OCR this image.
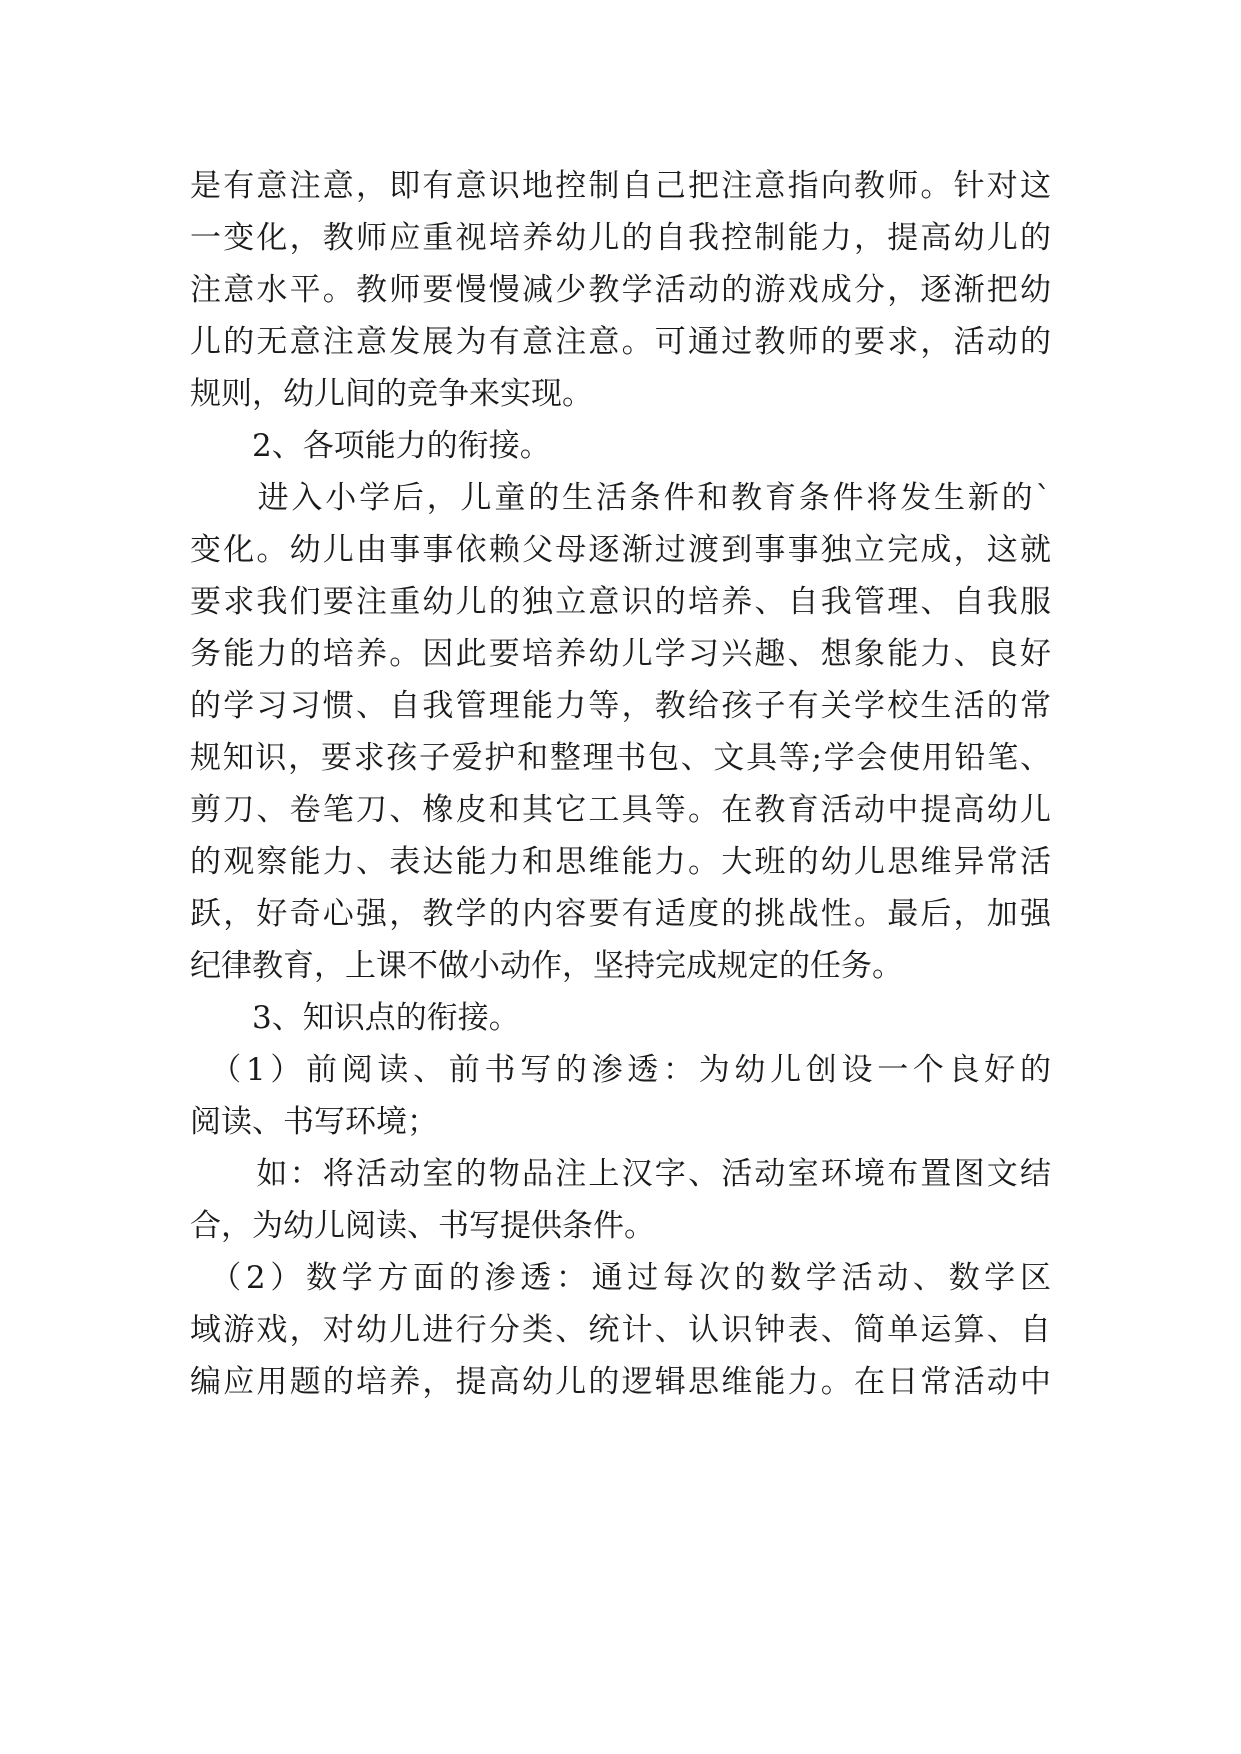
是有意注意，即有意识地控制自己把注意指向教师。针对这
一变化，教师应重视培养幼儿的自我控制能力，提高幼儿的
注意水平。教师要慢慢减少教学活动的游戏成分，逐渐把幼
儿的无意注意发展为有意注意。可通过教师的要求，活动的
规则，幼儿间的竞争来实现。
　　2、各项能力的衔接。
　　进入小学后，儿童的生活条件和教育条件将发生新的`
变化。幼儿由事事依赖父母逐渐过渡到事事独立完成，这就
要求我们要注重幼儿的独立意识的培养、自我管理、自我服
务能力的培养。因此要培养幼儿学习兴趣、想象能力、良好
的学习习惯、自我管理能力等，教给孩子有关学校生活的常
规知识，要求孩子爱护和整理书包、文具等;学会使用铅笔、
剪刀、卷笔刀、橡皮和其它工具等。在教育活动中提高幼儿
的观察能力、表达能力和思维能力。大班的幼儿思维异常活
跃，好奇心强，教学的内容要有适度的挑战性。最后，加强
纪律教育，上课不做小动作，坚持完成规定的任务。
　　3、知识点的衔接。
　（1）前阅读、前书写的渗透：为幼儿创设一个良好的
阅读、书写环境；
　　如：将活动室的物品注上汉字、活动室环境布置图文结
合，为幼儿阅读、书写提供条件。
　（2）数学方面的渗透：通过每次的数学活动、数学区
域游戏，对幼儿进行分类、统计、认识钟表、简单运算、自
编应用题的培养，提高幼儿的逻辑思维能力。在日常活动中
